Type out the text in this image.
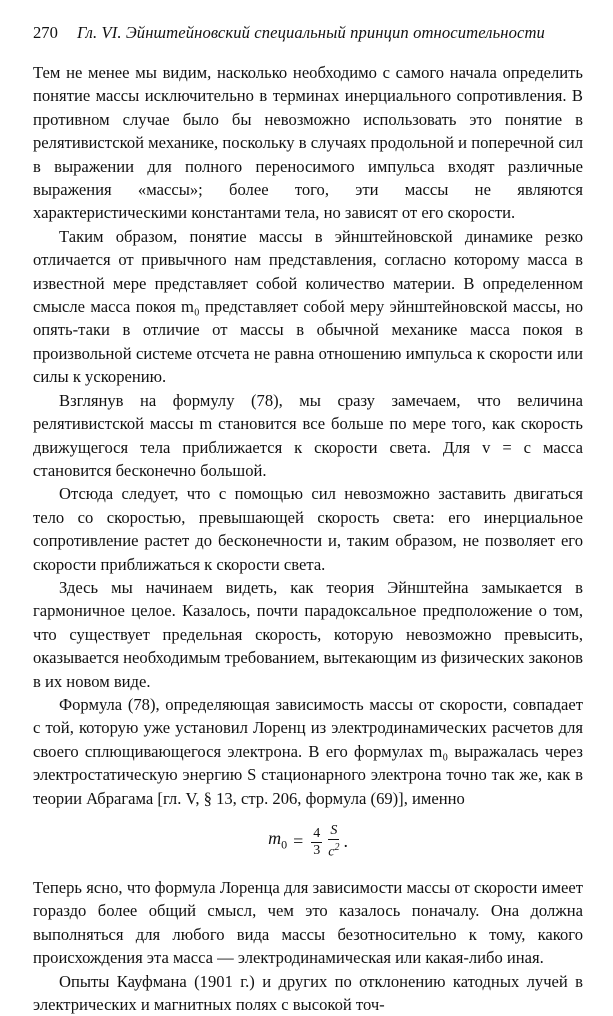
270	Гл. VI. Эйнштейновский специальный принцип относительности

Тем не менее мы видим, насколько необходимо с самого начала определить понятие массы исключительно в терминах инерциального сопротивления. В противном случае было бы невозможно использовать это понятие в релятивистской механике, поскольку в случаях продольной и поперечной сил в выражении для полного переносимого импульса входят различные выражения «массы»; более того, эти массы не являются характеристическими константами тела, но зависят от его скорости.

Таким образом, понятие массы в эйнштейновской динамике резко отличается от привычного нам представления, согласно которому масса в известной мере представляет собой количество материи. В определенном смысле масса покоя m₀ представляет собой меру эйнштейновской массы, но опять-таки в отличие от массы в обычной механике масса покоя в произвольной системе отсчета не равна отношению импульса к скорости или силы к ускорению.

Взглянув на формулу (78), мы сразу замечаем, что величина релятивистской массы m становится все больше по мере того, как скорость движущегося тела приближается к скорости света. Для v = c масса становится бесконечно большой.

Отсюда следует, что с помощью сил невозможно заставить двигаться тело со скоростью, превышающей скорость света: его инерциальное сопротивление растет до бесконечности и, таким образом, не позволяет его скорости приближаться к скорости света.

Здесь мы начинаем видеть, как теория Эйнштейна замыкается в гармоничное целое. Казалось, почти парадоксальное предположение о том, что существует предельная скорость, которую невозможно превысить, оказывается необходимым требованием, вытекающим из физических законов в их новом виде.

Формула (78), определяющая зависимость массы от скорости, совпадает с той, которую уже установил Лоренц из электродинамических расчетов для своего сплющивающегося электрона. В его формулах m₀ выражалась через электростатическую энергию S стационарного электрона точно так же, как в теории Абрагама [гл. V, § 13, стр. 206, формула (69)], именно

$m_0 = \frac{4}{3} \frac{S}{c^2}$ .

Теперь ясно, что формула Лоренца для зависимости массы от скорости имеет гораздо более общий смысл, чем это казалось поначалу. Она должна выполняться для любого вида массы безотносительно к тому, какого происхождения эта масса — электродинамическая или какая-либо иная.

Опыты Кауфмана (1901 г.) и других по отклонению катодных лучей в электрических и магнитных полях с высокой точ-
